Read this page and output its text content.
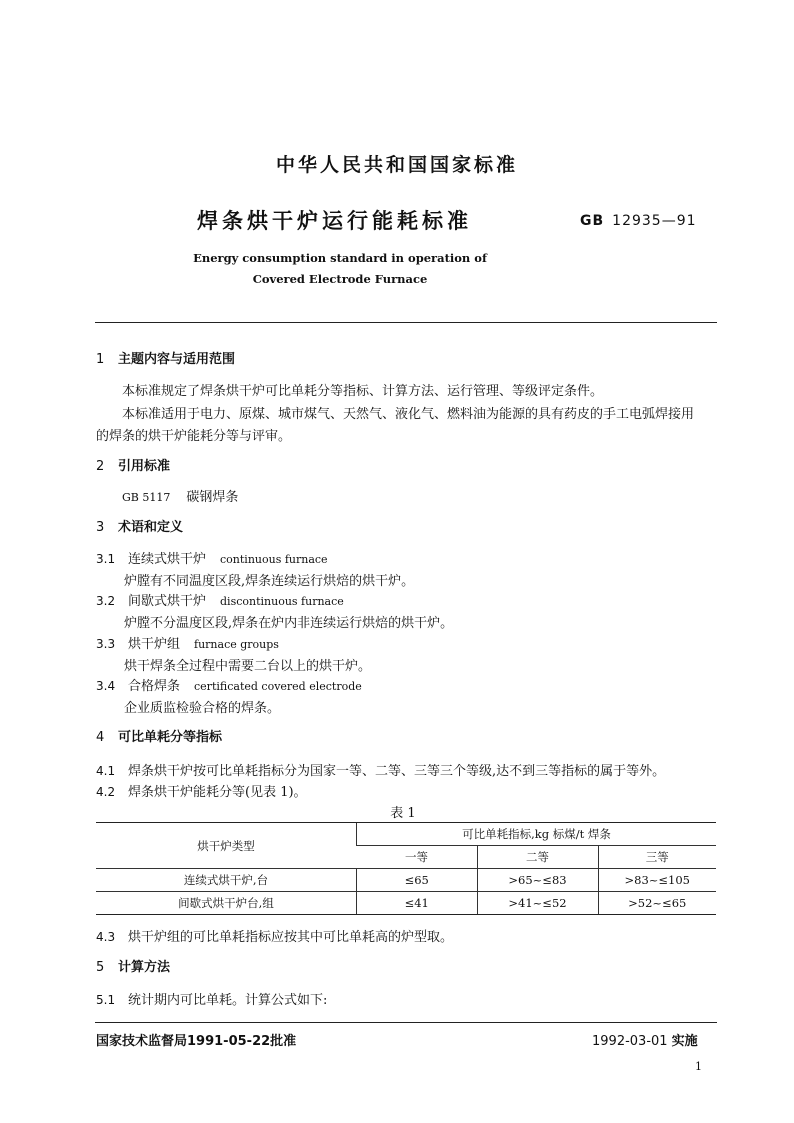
中华人民共和国国家标准
焊条烘干炉运行能耗标准	GB 12935—91
Energy consumption standard in operation of
Covered Electrode Furnace
1 主题内容与适用范围
本标准规定了焊条烘干炉可比单耗分等指标、计算方法、运行管理、等级评定条件。
本标准适用于电力、原煤、城市煤气、天然气、液化气、燃料油为能源的具有药皮的手工电弧焊接用
的焊条的烘干炉能耗分等与评审。
2 引用标准
GB 5117 碳钢焊条
3 术语和定义
3.1 连续式烘干炉 continuous furnace
炉膛有不同温度区段,焊条连续运行烘焙的烘干炉。
3.2 间歇式烘干炉 discontinuous furnace
炉膛不分温度区段,焊条在炉内非连续运行烘焙的烘干炉。
3.3 烘干炉组 furnace groups
烘干焊条全过程中需要二台以上的烘干炉。
3.4 合格焊条 certificated covered electrode
企业质监检验合格的焊条。
4 可比单耗分等指标
4.1 焊条烘干炉按可比单耗指标分为国家一等、二等、三等三个等级,达不到三等指标的属于等外。
4.2 焊条烘干炉能耗分等(见表 1)。
表 1
烘干炉类型	可比单耗指标,kg 标煤/t 焊条		
	一等	二等	三等
连续式烘干炉,台	≤65	>65~≤83	>83~≤105
间歇式烘干炉台,组	≤41	>41~≤52	>52~≤65
4.3 烘干炉组的可比单耗指标应按其中可比单耗高的炉型取。
5 计算方法
5.1 统计期内可比单耗。计算公式如下:
国家技术监督局1991-05-22批准	1992-03-01 实施
1
